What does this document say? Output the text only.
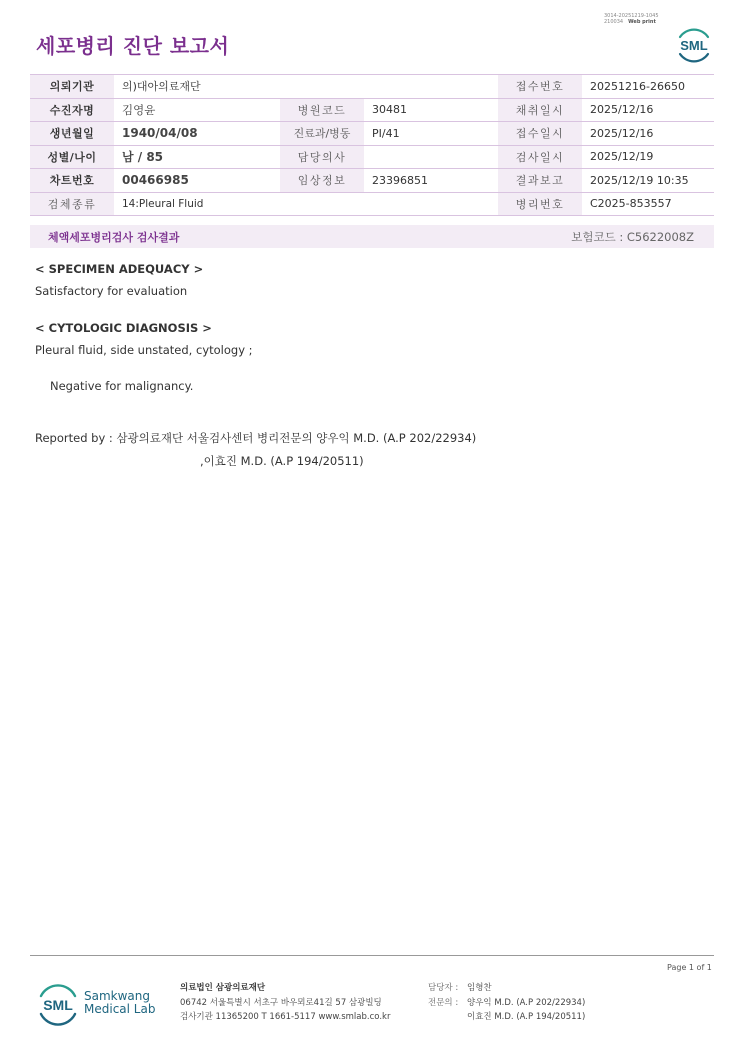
3014-20251219-1045
210034 Web print
세포병리 진단 보고서	SML
의뢰기관	의)대아의료재단			접수번호	20251216-26650
수진자명	김영윤	병원코드	30481	채취일시	2025/12/16
생년월일	1940/04/08	진료과/병동	PI/41	접수일시	2025/12/16
성별/나이	남 / 85	담당의사		검사일시	2025/12/19
차트번호	00466985	임상정보	23396851	결과보고	2025/12/19 10:35
검체종류	14:Pleural Fluid			병리번호	C2025-853557
체액세포병리검사 검사결과	보험코드 : C5622008Z
< SPECIMEN ADEQUACY >
Satisfactory for evaluation
< CYTOLOGIC DIAGNOSIS >
Pleural fluid, side unstated, cytology ;
Negative for malignancy.
Reported by : 삼광의료재단 서울검사센터 병리전문의 양우익 M.D. (A.P 202/22934)
,이효진 M.D. (A.P 194/20511)
Page 1 of 1
SML
Samkwang
Medical Lab
의료법인 삼광의료재단
06742 서울특별시 서초구 바우뫼로41길 57 삼광빌딩
검사기관 11365200 T 1661-5117 www.smlab.co.kr
담당자 :	임형찬
전문의 :	양우익 M.D. (A.P 202/22934)
이효진 M.D. (A.P 194/20511)
